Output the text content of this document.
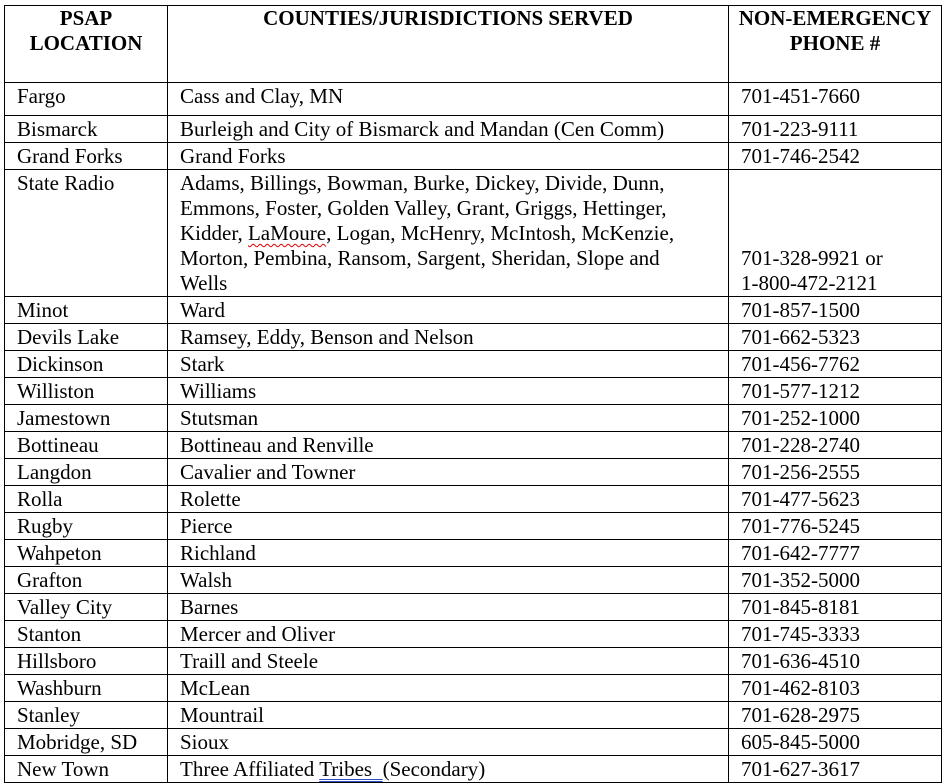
PSAP LOCATION	COUNTIES/JURISDICTIONS SERVED	NON-EMERGENCY PHONE #
Fargo	Cass and Clay, MN	701-451-7660
Bismarck	Burleigh and City of Bismarck and Mandan (Cen Comm)	701-223-9111
Grand Forks	Grand Forks	701-746-2542
State Radio	Adams, Billings, Bowman, Burke, Dickey, Divide, Dunn,
Emmons, Foster, Golden Valley, Grant, Griggs, Hettinger,
Kidder, LaMoure, Logan, McHenry, McIntosh, McKenzie,
Morton, Pembina, Ransom, Sargent, Sheridan, Slope and
Wells	701-328-9921 or
1-800-472-2121

Minot	Ward	701-857-1500
Devils Lake	Ramsey, Eddy, Benson and Nelson	701-662-5323
Dickinson	Stark	701-456-7762
Williston	Williams	701-577-1212
Jamestown	Stutsman	701-252-1000
Bottineau	Bottineau and Renville	701-228-2740
Langdon	Cavalier and Towner	701-256-2555
Rolla	Rolette	701-477-5623
Rugby	Pierce	701-776-5245
Wahpeton	Richland	701-642-7777
Grafton	Walsh	701-352-5000
Valley City	Barnes	701-845-8181
Stanton	Mercer and Oliver	701-745-3333
Hillsboro	Traill and Steele	701-636-4510
Washburn	McLean	701-462-8103
Stanley	Mountrail	701-628-2975
Mobridge, SD	Sioux	605-845-5000
New Town	Three Affiliated Tribes  (Secondary)	701-627-3617
